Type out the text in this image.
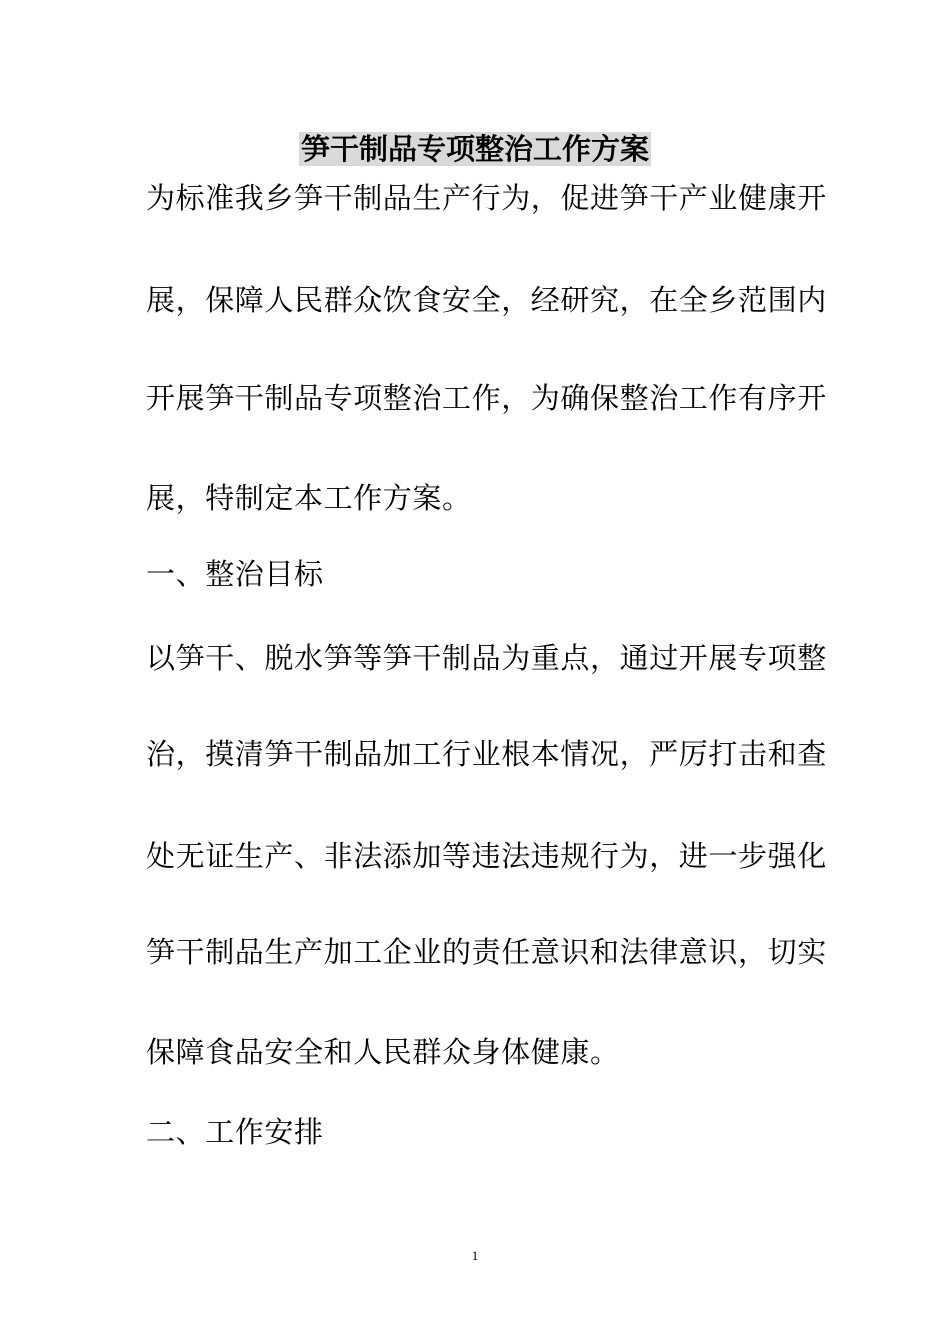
笋干制品专项整治工作方案
为标准我乡笋干制品生产行为，促进笋干产业健康开
展，保障人民群众饮食安全，经研究，在全乡范围内
开展笋干制品专项整治工作，为确保整治工作有序开
展，特制定本工作方案。
一、整治目标
以笋干、脱水笋等笋干制品为重点，通过开展专项整
治，摸清笋干制品加工行业根本情况，严厉打击和查
处无证生产、非法添加等违法违规行为，进一步强化
笋干制品生产加工企业的责任意识和法律意识，切实
保障食品安全和人民群众身体健康。
二、工作安排
1
